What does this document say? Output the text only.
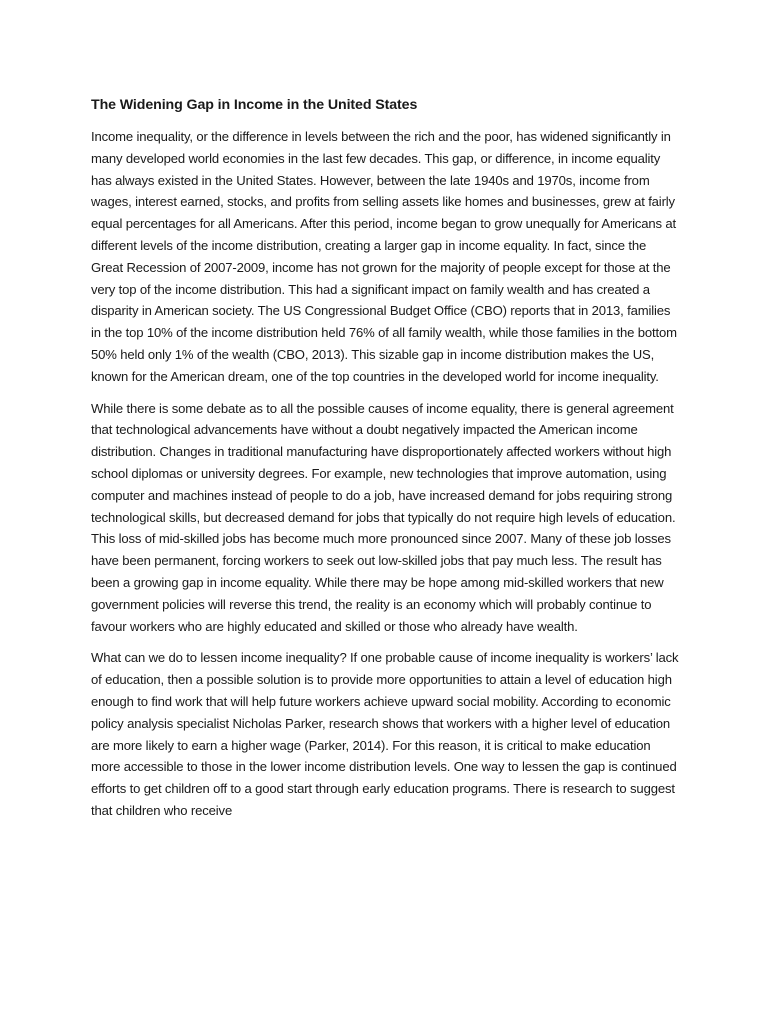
The Widening Gap in Income in the United States

Income inequality, or the difference in levels between the rich and the poor, has widened significantly in many developed world economies in the last few decades. This gap, or difference, in income equality has always existed in the United States. However, between the late 1940s and 1970s, income from wages, interest earned, stocks, and profits from selling assets like homes and businesses, grew at fairly equal percentages for all Americans. After this period, income began to grow unequally for Americans at different levels of the income distribution, creating a larger gap in income equality. In fact, since the Great Recession of 2007-2009, income has not grown for the majority of people except for those at the very top of the income distribution. This had a significant impact on family wealth and has created a disparity in American society. The US Congressional Budget Office (CBO) reports that in 2013, families in the top 10% of the income distribution held 76% of all family wealth, while those families in the bottom 50% held only 1% of the wealth (CBO, 2013). This sizable gap in income distribution makes the US, known for the American dream, one of the top countries in the developed world for income inequality.

While there is some debate as to all the possible causes of income equality, there is general agreement that technological advancements have without a doubt negatively impacted the American income distribution. Changes in traditional manufacturing have disproportionately affected workers without high school diplomas or university degrees. For example, new technologies that improve automation, using computer and machines instead of people to do a job, have increased demand for jobs requiring strong technological skills, but decreased demand for jobs that typically do not require high levels of education. This loss of mid-skilled jobs has become much more pronounced since 2007. Many of these job losses have been permanent, forcing workers to seek out low-skilled jobs that pay much less. The result has been a growing gap in income equality. While there may be hope among mid-skilled workers that new government policies will reverse this trend, the reality is an economy which will probably continue to favour workers who are highly educated and skilled or those who already have wealth.

What can we do to lessen income inequality? If one probable cause of income inequality is workers’ lack of education, then a possible solution is to provide more opportunities to attain a level of education high enough to find work that will help future workers achieve upward social mobility. According to economic policy analysis specialist Nicholas Parker, research shows that workers with a higher level of education are more likely to earn a higher wage (Parker, 2014). For this reason, it is critical to make education more accessible to those in the lower income distribution levels. One way to lessen the gap is continued efforts to get children off to a good start through early education programs. There is research to suggest that children who receive
